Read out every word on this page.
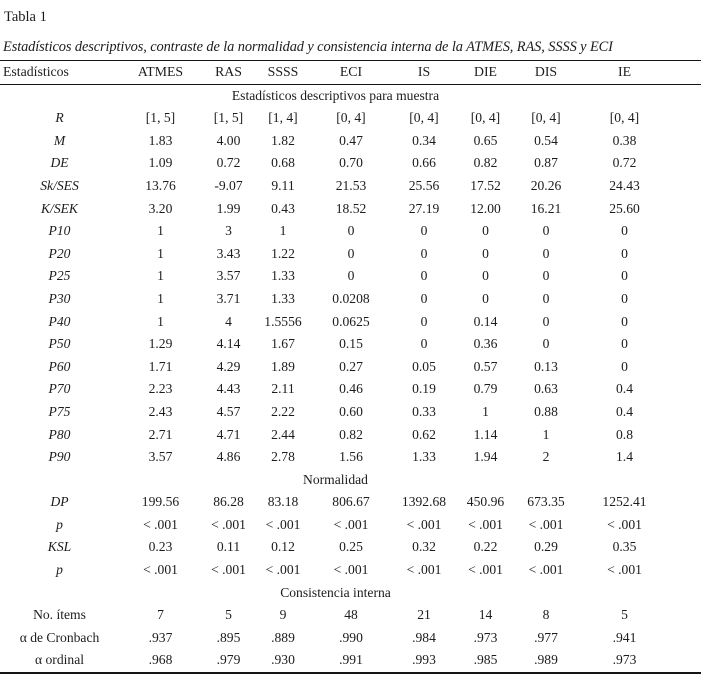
Tabla 1
Estadísticos descriptivos, contraste de la normalidad y consistencia interna de la ATMES, RAS, SSSS y ECI
Estadísticos	ATMES	RAS	SSSS	ECI	IS	DIE	DIS	IE
Estadísticos descriptivos para muestra								
R	[1, 5]	[1, 5]	[1, 4]	[0, 4]	[0, 4]	[0, 4]	[0, 4]	[0, 4]
M	1.83	4.00	1.82	0.47	0.34	0.65	0.54	0.38
DE	1.09	0.72	0.68	0.70	0.66	0.82	0.87	0.72
Sk/SES	13.76	-9.07	9.11	21.53	25.56	17.52	20.26	24.43
K/SEK	3.20	1.99	0.43	18.52	27.19	12.00	16.21	25.60
P10	1	3	1	0	0	0	0	0
P20	1	3.43	1.22	0	0	0	0	0
P25	1	3.57	1.33	0	0	0	0	0
P30	1	3.71	1.33	0.0208	0	0	0	0
P40	1	4	1.5556	0.0625	0	0.14	0	0
P50	1.29	4.14	1.67	0.15	0	0.36	0	0
P60	1.71	4.29	1.89	0.27	0.05	0.57	0.13	0
P70	2.23	4.43	2.11	0.46	0.19	0.79	0.63	0.4
P75	2.43	4.57	2.22	0.60	0.33	1	0.88	0.4
P80	2.71	4.71	2.44	0.82	0.62	1.14	1	0.8
P90	3.57	4.86	2.78	1.56	1.33	1.94	2	1.4
Normalidad								
DP	199.56	86.28	83.18	806.67	1392.68	450.96	673.35	1252.41
p	< .001	< .001	< .001	< .001	< .001	< .001	< .001	< .001
KSL	0.23	0.11	0.12	0.25	0.32	0.22	0.29	0.35
p	< .001	< .001	< .001	< .001	< .001	< .001	< .001	< .001
Consistencia interna								
No. ítems	7	5	9	48	21	14	8	5
α de Cronbach	.937	.895	.889	.990	.984	.973	.977	.941
α ordinal	.968	.979	.930	.991	.993	.985	.989	.973
